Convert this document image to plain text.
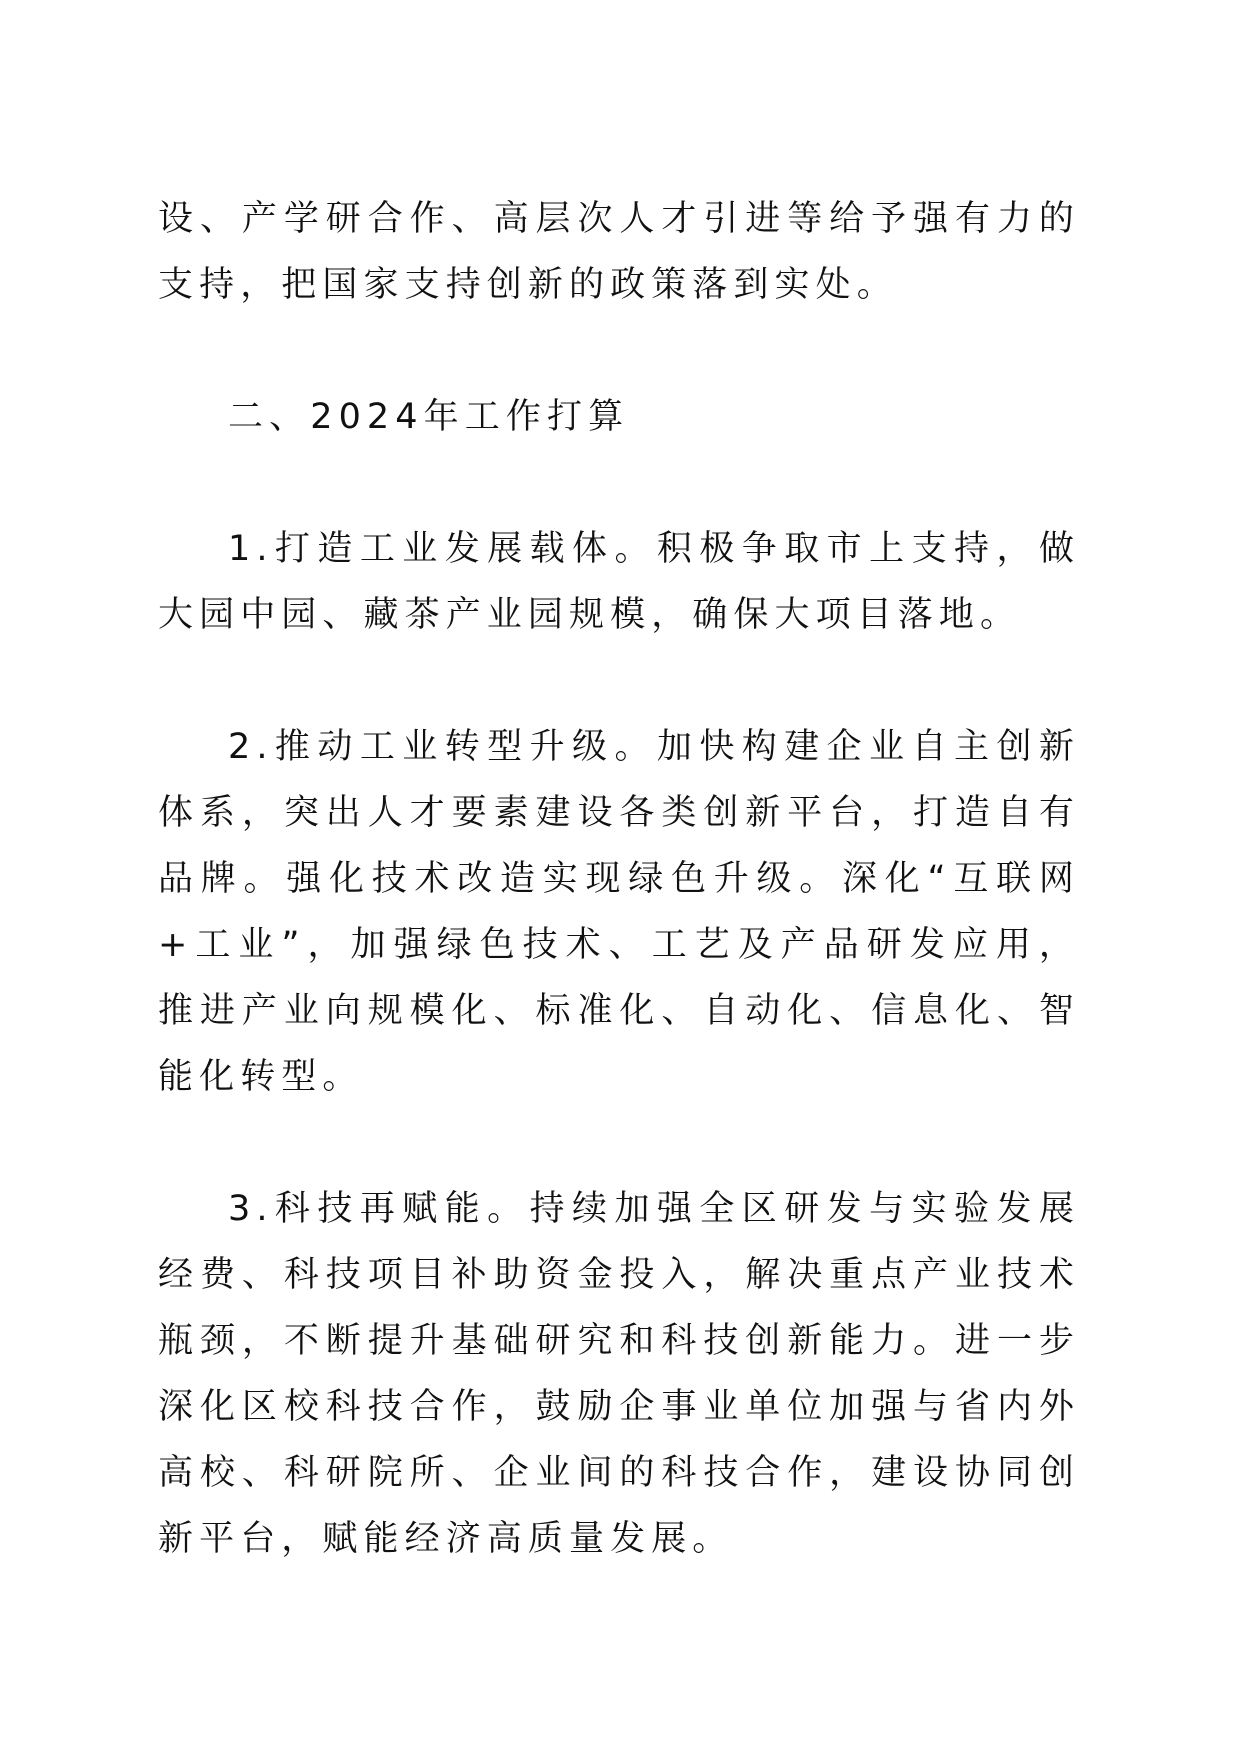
设、产学研合作、高层次人才引进等给予强有力的支持，把国家支持创新的政策落到实处。

二、2024年工作打算

1.打造工业发展载体。积极争取市上支持，做大园中园、藏茶产业园规模，确保大项目落地。

2.推动工业转型升级。加快构建企业自主创新体系，突出人才要素建设各类创新平台，打造自有品牌。强化技术改造实现绿色升级。深化“互联网+工业”，加强绿色技术、工艺及产品研发应用，推进产业向规模化、标准化、自动化、信息化、智能化转型。

3.科技再赋能。持续加强全区研发与实验发展经费、科技项目补助资金投入，解决重点产业技术瓶颈，不断提升基础研究和科技创新能力。进一步深化区校科技合作，鼓励企事业单位加强与省内外高校、科研院所、企业间的科技合作，建设协同创新平台，赋能经济高质量发展。
